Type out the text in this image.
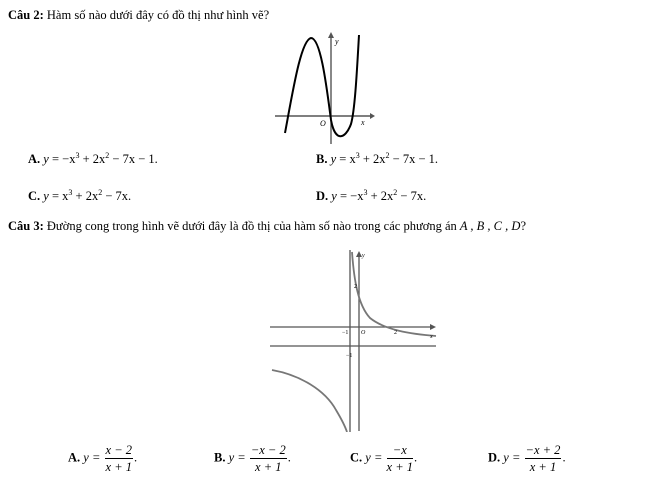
Câu 2: Hàm số nào dưới đây có đồ thị như hình vẽ?
y
x
O
A. $y = -x^3 + 2x^2 - 7x - 1$.	B. $y = x^3 + 2x^2 - 7x - 1$.
C. $y = x^3 + 2x^2 - 7x$.	D. $y = -x^3 + 2x^2 - 7x$.
Câu 3: Đường cong trong hình vẽ dưới đây là đồ thị của hàm số nào trong các phương án A , B , C , D?
y
2
−1 O	2
x
−1
A. $y = \frac{x - 2}{x + 1}$ .	B. $y = \frac{-x - 2}{x + 1}$ .	C. $y = \frac{-x}{x + 1}$ .	D. $y = \frac{-x + 2}{x + 1}$ .
